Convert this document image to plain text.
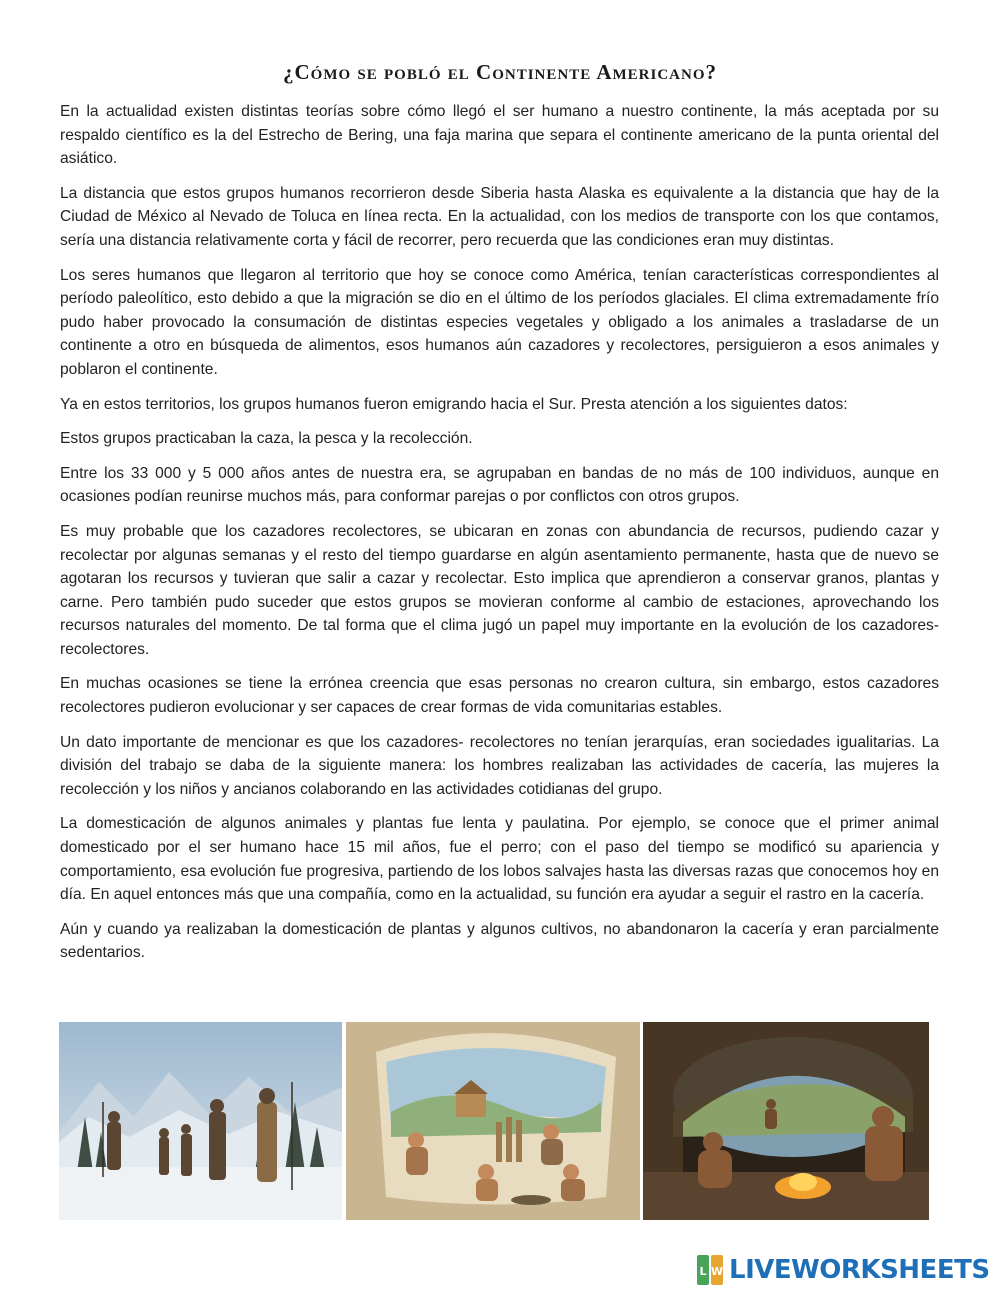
¿Cómo se pobló el Continente Americano?

En la actualidad existen distintas teorías sobre cómo llegó el ser humano a nuestro continente, la más aceptada por su respaldo científico es la del Estrecho de Bering, una faja marina que separa el continente americano de la punta oriental del asiático.

La distancia que estos grupos humanos recorrieron desde Siberia hasta Alaska es equivalente a la distancia que hay de la Ciudad de México al Nevado de Toluca en línea recta. En la actualidad, con los medios de transporte con los que contamos, sería una distancia relativamente corta y fácil de recorrer, pero recuerda que las condiciones eran muy distintas.

Los seres humanos que llegaron al territorio que hoy se conoce como América, tenían características correspondientes al período paleolítico, esto debido a que la migración se dio en el último de los períodos glaciales. El clima extremadamente frío pudo haber provocado la consumación de distintas especies vegetales y obligado a los animales a trasladarse de un continente a otro en búsqueda de alimentos, esos humanos aún cazadores y recolectores, persiguieron a esos animales y poblaron el continente.

Ya en estos territorios, los grupos humanos fueron emigrando hacia el Sur. Presta atención a los siguientes datos:

Estos grupos practicaban la caza, la pesca y la recolección.

Entre los 33 000 y 5 000 años antes de nuestra era, se agrupaban en bandas de no más de 100 individuos, aunque en ocasiones podían reunirse muchos más, para conformar parejas o por conflictos con otros grupos.

Es muy probable que los cazadores recolectores, se ubicaran en zonas con abundancia de recursos, pudiendo cazar y recolectar por algunas semanas y el resto del tiempo guardarse en algún asentamiento permanente, hasta que de nuevo se agotaran los recursos y tuvieran que salir a cazar y recolectar. Esto implica que aprendieron a conservar granos, plantas y carne. Pero también pudo suceder que estos grupos se movieran conforme al cambio de estaciones, aprovechando los recursos naturales del momento. De tal forma que el clima jugó un papel muy importante en la evolución de los cazadores-recolectores.

En muchas ocasiones se tiene la errónea creencia que esas personas no crearon cultura, sin embargo, estos cazadores recolectores pudieron evolucionar y ser capaces de crear formas de vida comunitarias estables.

Un dato importante de mencionar es que los cazadores- recolectores no tenían jerarquías, eran sociedades igualitarias. La división del trabajo se daba de la siguiente manera: los hombres realizaban las actividades de cacería, las mujeres la recolección y los niños y ancianos colaborando en las actividades cotidianas del grupo.

La domesticación de algunos animales y plantas fue lenta y paulatina. Por ejemplo, se conoce que el primer animal domesticado por el ser humano hace 15 mil años, fue el perro; con el paso del tiempo se modificó su apariencia y comportamiento, esa evolución fue progresiva, partiendo de los lobos salvajes hasta las diversas razas que conocemos hoy en día. En aquel entonces más que una compañía, como en la actualidad, su función era ayudar a seguir el rastro en la cacería.

Aún y cuando ya realizaban la domesticación de plantas y algunos cultivos, no abandonaron la cacería y eran parcialmente sedentarios.

L W LIVEWORKSHEETS
